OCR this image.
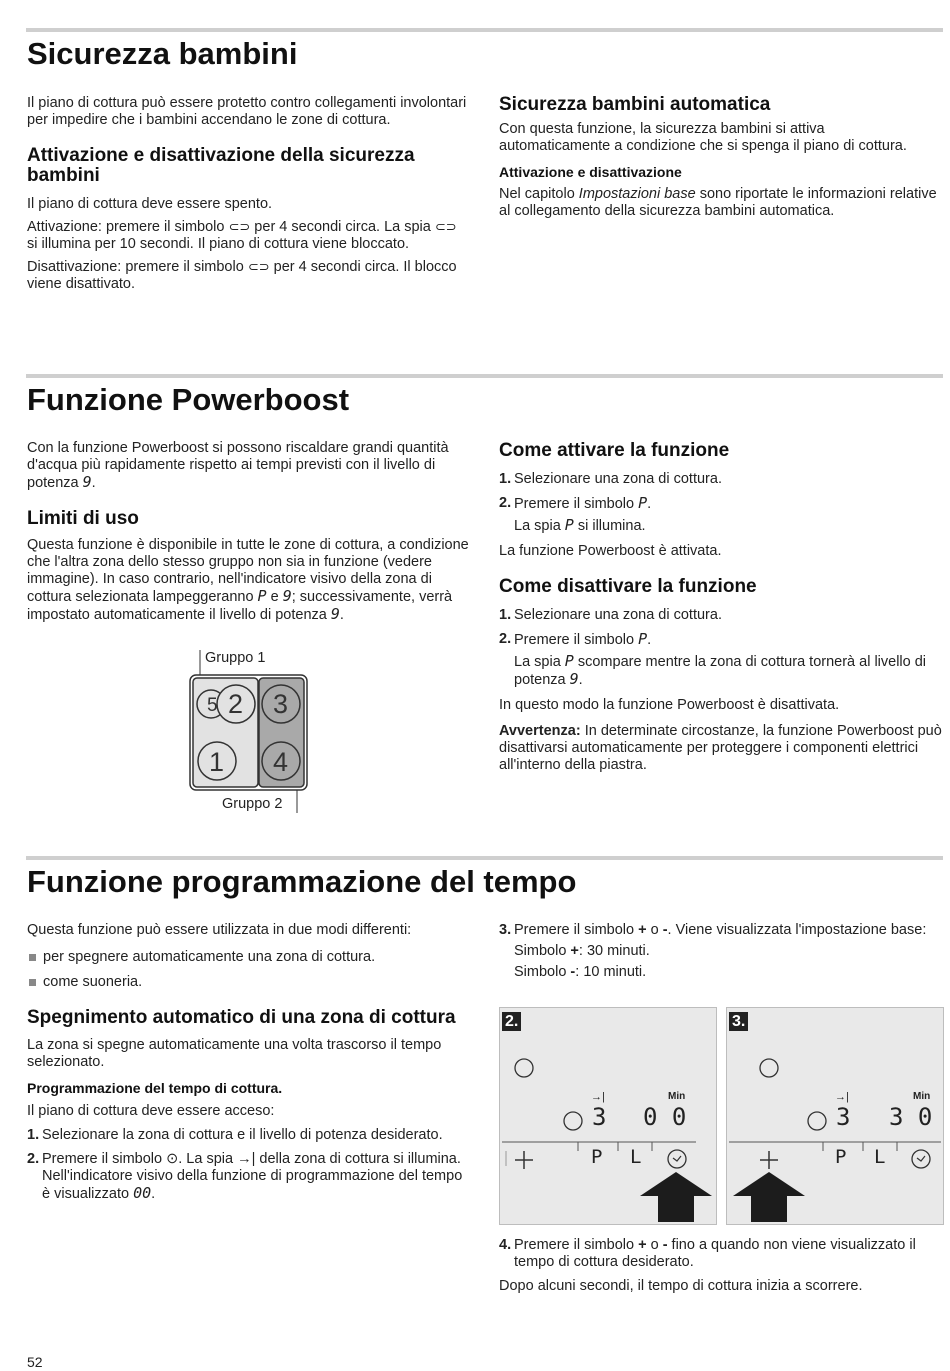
Sicurezza bambini

Il piano di cottura può essere protetto contro collegamenti involontari per impedire che i bambini accendano le zone di cottura.

Attivazione e disattivazione della sicurezza bambini

Il piano di cottura deve essere spento.

Attivazione: premere il simbolo ⊂⊃ per 4 secondi circa. La spia ⊂⊃ si illumina per 10 secondi. Il piano di cottura viene bloccato.

Disattivazione: premere il simbolo ⊂⊃ per 4 secondi circa. Il blocco viene disattivato.

Sicurezza bambini automatica

Con questa funzione, la sicurezza bambini si attiva automaticamente a condizione che si spenga il piano di cottura.

Attivazione e disattivazione

Nel capitolo Impostazioni base sono riportate le informazioni relative al collegamento della sicurezza bambini automatica.

Funzione Powerboost

Con la funzione Powerboost si possono riscaldare grandi quantità d'acqua più rapidamente rispetto ai tempi previsti con il livello di potenza 9.

Limiti di uso

Questa funzione è disponibile in tutte le zone di cottura, a condizione che l'altra zona dello stesso gruppo non sia in funzione (vedere immagine). In caso contrario, nell'indicatore visivo della zona di cottura selezionata lampeggeranno P e 9; successivamente, verrà impostato automaticamente il livello di potenza 9.

5 2 3
1 4
Gruppo 1
Gruppo 2
Come attivare la funzione
1. Selezionare una zona di cottura.
2. Premere il simbolo P.
La spia P si illumina.

La funzione Powerboost è attivata.

Come disattivare la funzione
1. Selezionare una zona di cottura.
2. Premere il simbolo P.
La spia P scompare mentre la zona di cottura tornerà al livello di potenza 9.

In questo modo la funzione Powerboost è disattivata.

Avvertenza: In determinate circostanze, la funzione Powerboost può disattivarsi automaticamente per proteggere i componenti elettrici all'interno della piastra.

Funzione programmazione del tempo

Questa funzione può essere utilizzata in due modi differenti:

per spegnere automaticamente una zona di cottura.
come suoneria.
Spegnimento automatico di una zona di cottura

La zona si spegne automaticamente una volta trascorso il tempo selezionato.

Programmazione del tempo di cottura.

Il piano di cottura deve essere acceso:

1. Selezionare la zona di cottura e il livello di potenza desiderato.
2. Premere il simbolo ⊙. La spia →| della zona di cottura si illumina. Nell'indicatore visivo della funzione di programmazione del tempo è visualizzato 00.
3. Premere il simbolo + o -. Viene visualizzata l'impostazione base:
Simbolo +: 30 minuti.
Simbolo -: 10 minuti.
2.
→|
3
Min
0 0
P L
3.
→|
3
Min
3 0
P L
4. Premere il simbolo + o - fino a quando non viene visualizzato il tempo di cottura desiderato.

Dopo alcuni secondi, il tempo di cottura inizia a scorrere.

52
